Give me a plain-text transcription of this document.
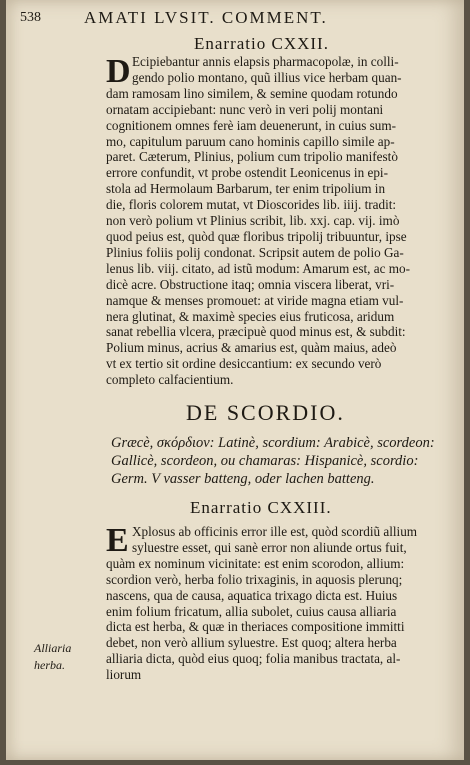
538	AMATI LVSIT. COMMENT.
Enarratio CXXII.
D Ecipiebantur annis elapsis pharmacopolæ, in colli-
gendo polio montano, quũ illius vice herbam quan-
dam ramosam lino similem, & semine quodam rotundo
ornatam accipiebant: nunc verò in veri polij montani
cognitionem omnes ferè iam deuenerunt, in cuius sum-
mo, capitulum paruum cano hominis capillo simile ap-
paret. Cæterum, Plinius, polium cum tripolio manifestò
errore confundit, vt probe ostendit Leonicenus in epi-
stola ad Hermolaum Barbarum, ter enim tripolium in
die, floris colorem mutat, vt Dioscorides lib. iiij. tradit:
non verò polium vt Plinius scribit, lib. xxj. cap. vij. imò
quod peius est, quòd quæ floribus tripolij tribuuntur, ipse
Plinius foliis polij condonat. Scripsit autem de polio Ga-
lenus lib. viij. citato, ad istũ modum: Amarum est, ac mo-
dicè acre. Obstructione itaq; omnia viscera liberat, vri-
namque & menses promouet: at viride magna etiam vul-
nera glutinat, & maximè species eius fruticosa, aridum
sanat rebellia vlcera, præcipuè quod minus est, & subdit:
Polium minus, acrius & amarius est, quàm maius, adeò
vt ex tertio sit ordine desiccantium: ex secundo verò
completo calfacientium.
DE SCORDIO.
Græcè, σκόρδιον: Latinè, scordium: Arabicè, scordeon:
Gallicè, scordeon, ou chamaras: Hispanicè, scordio:
Germ. V vasser batteng, oder lachen batteng.
Enarratio CXXIII.
E Xplosus ab officinis error ille est, quòd scordiũ allium
syluestre esset, qui sanè error non aliunde ortus fuit,
quàm ex nominum vicinitate: est enim scorodon, allium:
scordion verò, herba folio trixaginis, in aquosis plerunq;
nascens, qua de causa, aquatica trixago dicta est. Huius
enim folium fricatum, allia subolet, cuius causa alliaria
dicta est herba, & quæ in theriaces compositione immitti
debet, non verò allium syluestre. Est quoq; altera herba
alliaria dicta, quòd eius quoq; folia manibus tractata, al-
liorum
Alliaria
herba.
